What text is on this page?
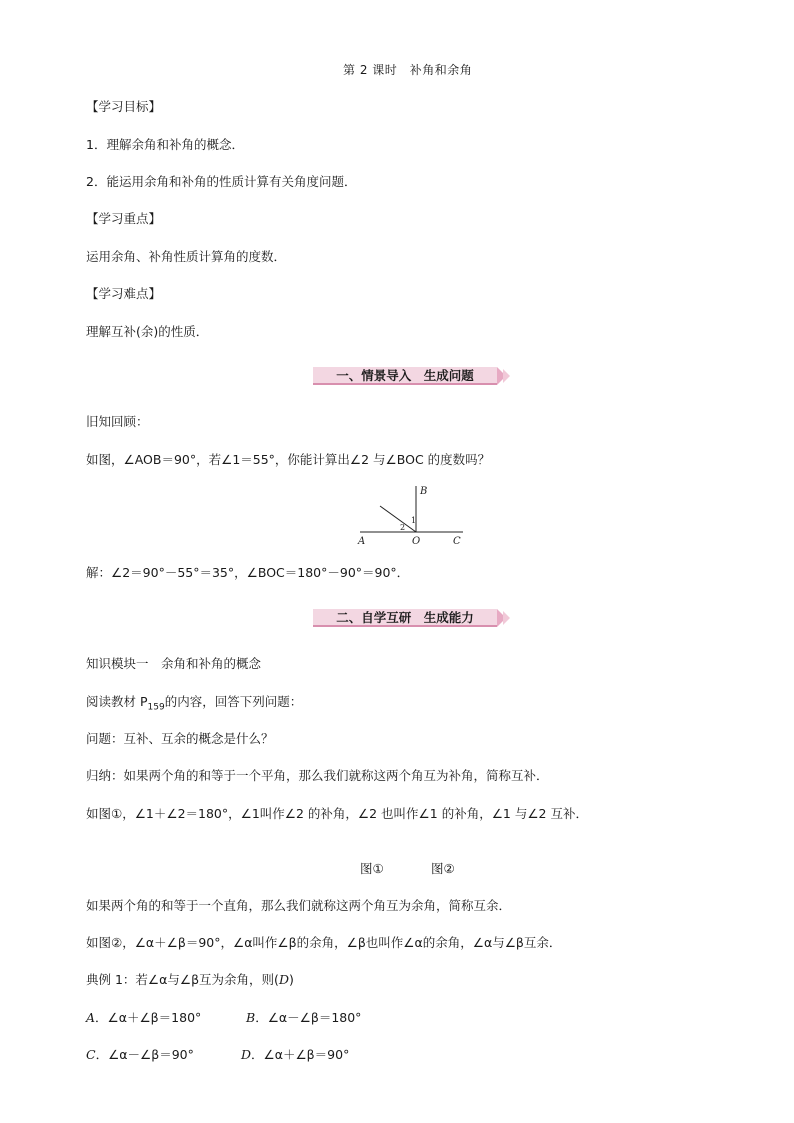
第 2 课时　补角和余角
【学习目标】
1．理解余角和补角的概念．
2．能运用余角和补角的性质计算有关角度问题．
【学习重点】
运用余角、补角性质计算角的度数．
【学习难点】
理解互补(余)的性质．
一、情景导入　生成问题
旧知回顾：
如图，∠AOB＝90°，若∠1＝55°，你能计算出∠2 与∠BOC 的度数吗？
B
A	O	C
1
2
解：∠2＝90°－55°＝35°，∠BOC＝180°－90°＝90°．
二、自学互研　生成能力
知识模块一　余角和补角的概念
阅读教材 $P_{159}$的内容，回答下列问题：
问题：互补、互余的概念是什么？
归纳：如果两个角的和等于一个平角，那么我们就称这两个角互为补角，简称互补．
如图①，∠1＋∠2＝180°，∠1叫作∠2 的补角，∠2 也叫作∠1 的补角，∠1 与∠2 互补．
图①	图②
如果两个角的和等于一个直角，那么我们就称这两个角互为余角，简称互余．
如图②，∠α＋∠β＝90°，∠α叫作∠β的余角，∠β也叫作∠α的余角，∠α与∠β互余．
典例 1：若∠α与∠β互为余角，则(D)
A．∠α＋∠β＝180°	B．∠α－∠β＝180°
C．∠α－∠β＝90°	D．∠α＋∠β＝90°
